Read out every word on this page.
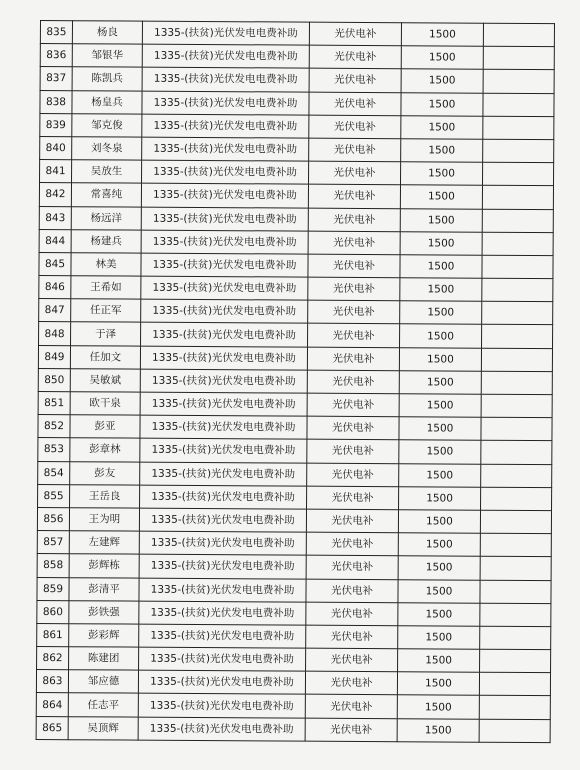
835	杨良	1335-(扶贫)光伏发电电费补助	光伏电补	1500	
836	邹银华	1335-(扶贫)光伏发电电费补助	光伏电补	1500	
837	陈凯兵	1335-(扶贫)光伏发电电费补助	光伏电补	1500	
838	杨皇兵	1335-(扶贫)光伏发电电费补助	光伏电补	1500	
839	邹克俊	1335-(扶贫)光伏发电电费补助	光伏电补	1500	
840	刘冬泉	1335-(扶贫)光伏发电电费补助	光伏电补	1500	
841	吴放生	1335-(扶贫)光伏发电电费补助	光伏电补	1500	
842	常喜纯	1335-(扶贫)光伏发电电费补助	光伏电补	1500	
843	杨远洋	1335-(扶贫)光伏发电电费补助	光伏电补	1500	
844	杨建兵	1335-(扶贫)光伏发电电费补助	光伏电补	1500	
845	林美	1335-(扶贫)光伏发电电费补助	光伏电补	1500	
846	王希如	1335-(扶贫)光伏发电电费补助	光伏电补	1500	
847	任正军	1335-(扶贫)光伏发电电费补助	光伏电补	1500	
848	于泽	1335-(扶贫)光伏发电电费补助	光伏电补	1500	
849	任加文	1335-(扶贫)光伏发电电费补助	光伏电补	1500	
850	吴敏斌	1335-(扶贫)光伏发电电费补助	光伏电补	1500	
851	欧干泉	1335-(扶贫)光伏发电电费补助	光伏电补	1500	
852	彭亚	1335-(扶贫)光伏发电电费补助	光伏电补	1500	
853	彭章林	1335-(扶贫)光伏发电电费补助	光伏电补	1500	
854	彭友	1335-(扶贫)光伏发电电费补助	光伏电补	1500	
855	王岳良	1335-(扶贫)光伏发电电费补助	光伏电补	1500	
856	王为明	1335-(扶贫)光伏发电电费补助	光伏电补	1500	
857	左建辉	1335-(扶贫)光伏发电电费补助	光伏电补	1500	
858	彭辉栋	1335-(扶贫)光伏发电电费补助	光伏电补	1500	
859	彭清平	1335-(扶贫)光伏发电电费补助	光伏电补	1500	
860	彭铁强	1335-(扶贫)光伏发电电费补助	光伏电补	1500	
861	彭彩辉	1335-(扶贫)光伏发电电费补助	光伏电补	1500	
862	陈建团	1335-(扶贫)光伏发电电费补助	光伏电补	1500	
863	邹应德	1335-(扶贫)光伏发电电费补助	光伏电补	1500	
864	任志平	1335-(扶贫)光伏发电电费补助	光伏电补	1500	
865	吴顶辉	1335-(扶贫)光伏发电电费补助	光伏电补	1500	
